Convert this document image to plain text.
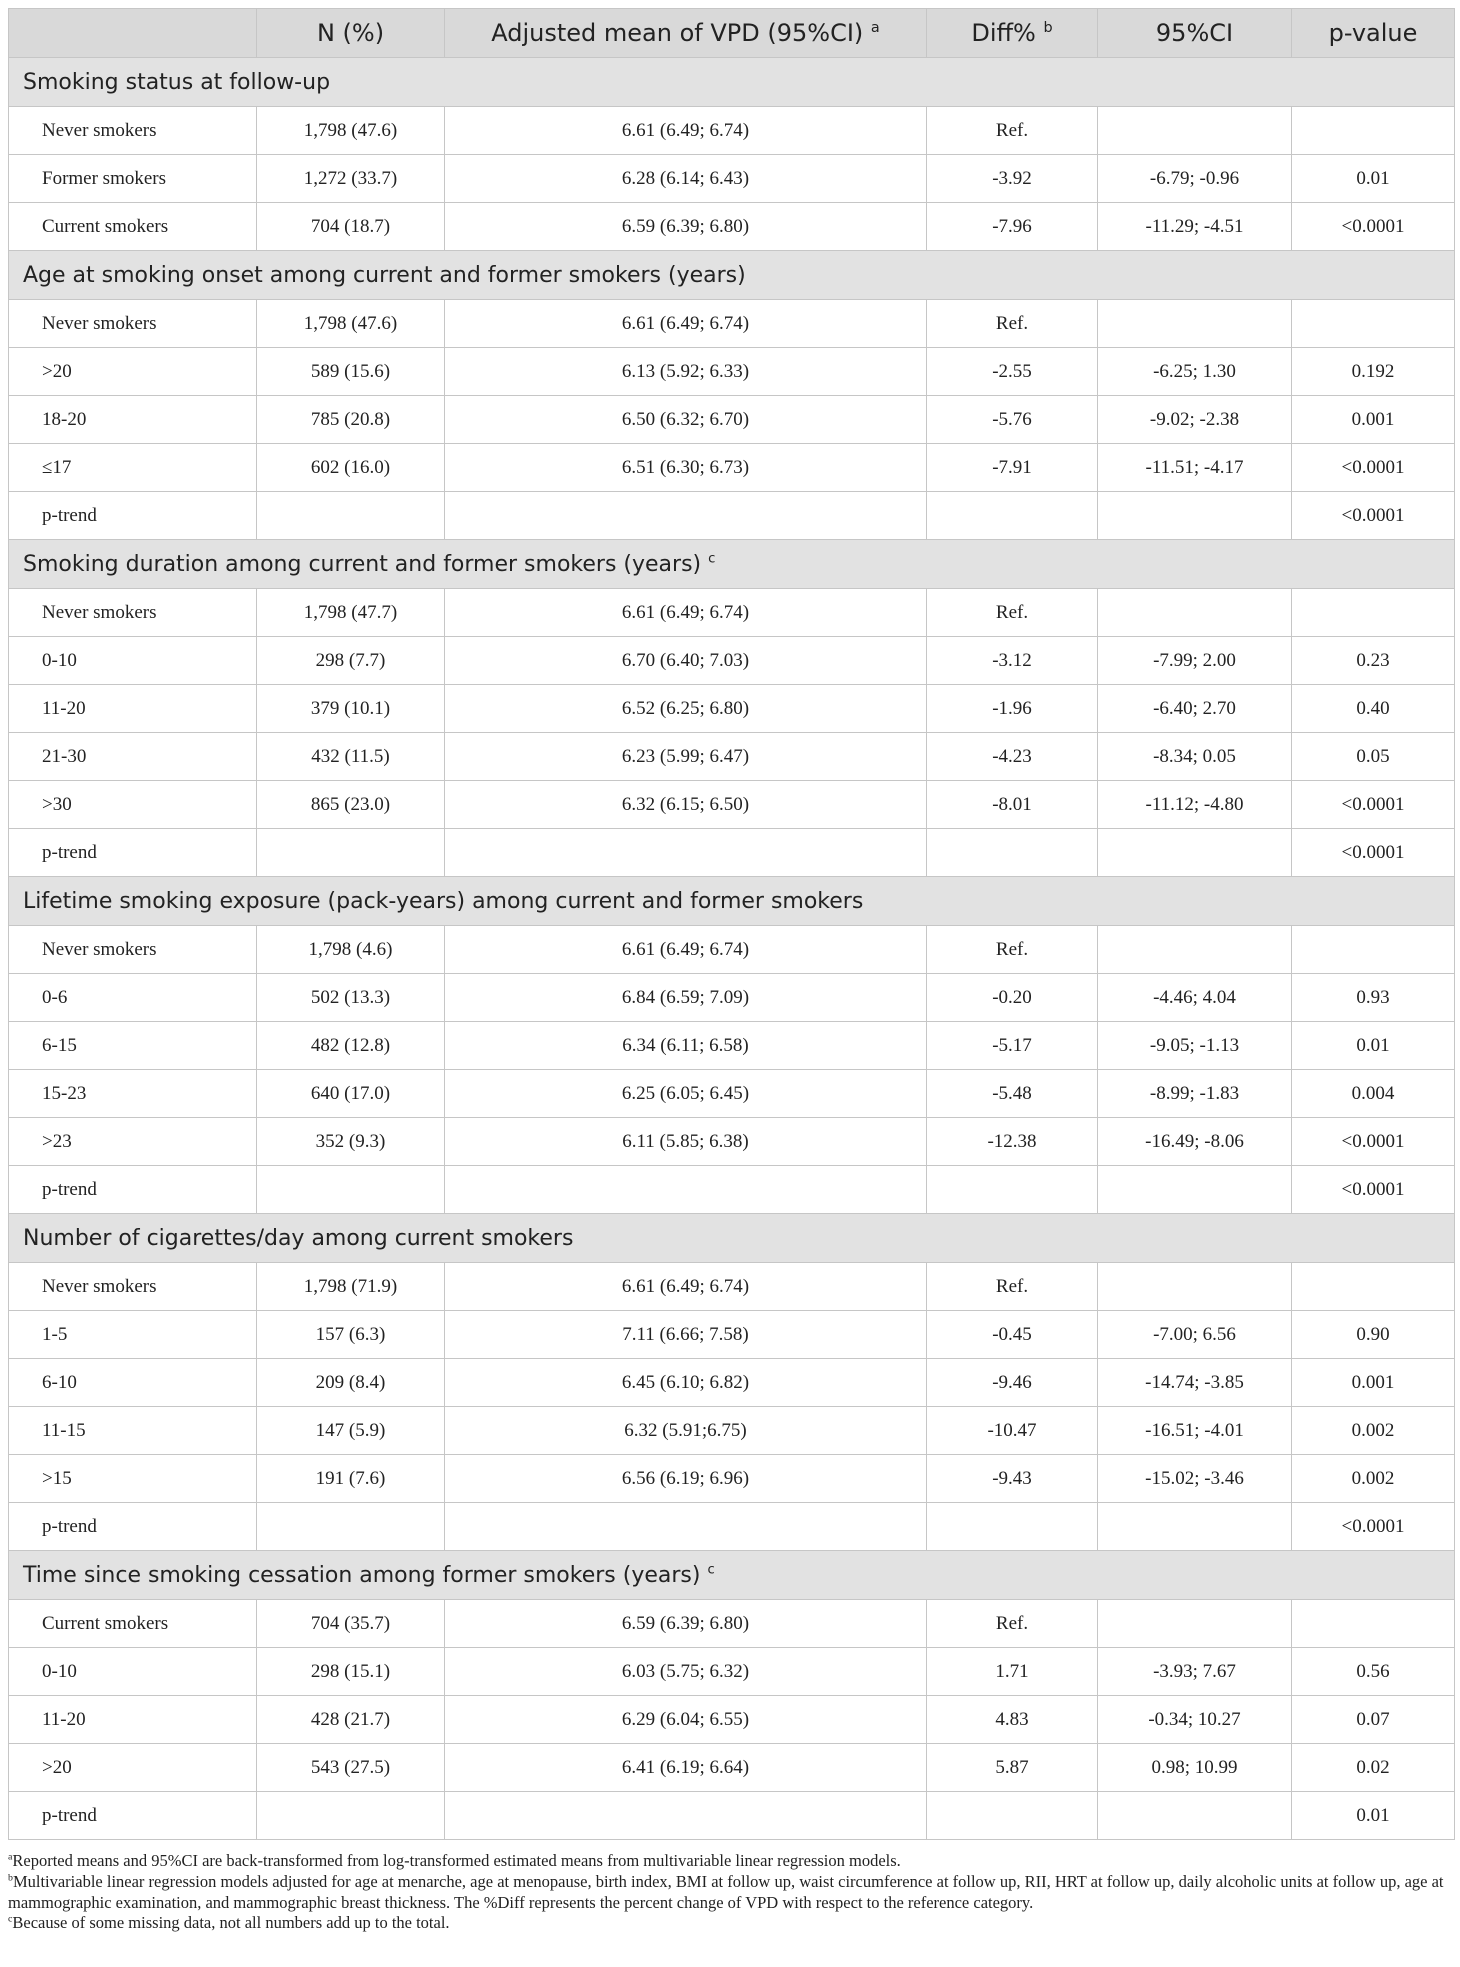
	N (%)	Adjusted mean of VPD (95%CI) $^a$	Diff% $^b$	95%CI	p-value
Smoking status at follow-up					
Never smokers	1,798 (47.6)	6.61 (6.49; 6.74)	Ref.		
Former smokers	1,272 (33.7)	6.28 (6.14; 6.43)	-3.92	-6.79; -0.96	0.01
Current smokers	704 (18.7)	6.59 (6.39; 6.80)	-7.96	-11.29; -4.51	<0.0001
Age at smoking onset among current and former smokers (years)					
Never smokers	1,798 (47.6)	6.61 (6.49; 6.74)	Ref.		
>20	589 (15.6)	6.13 (5.92; 6.33)	-2.55	-6.25; 1.30	0.192
18-20	785 (20.8)	6.50 (6.32; 6.70)	-5.76	-9.02; -2.38	0.001
≤17	602 (16.0)	6.51 (6.30; 6.73)	-7.91	-11.51; -4.17	<0.0001
p-trend					<0.0001
Smoking duration among current and former smokers (years) $^c$
Never smokers	1,798 (47.7)	6.61 (6.49; 6.74)	Ref.		
0-10	298 (7.7)	6.70 (6.40; 7.03)	-3.12	-7.99; 2.00	0.23
11-20	379 (10.1)	6.52 (6.25; 6.80)	-1.96	-6.40; 2.70	0.40
21-30	432 (11.5)	6.23 (5.99; 6.47)	-4.23	-8.34; 0.05	0.05
>30	865 (23.0)	6.32 (6.15; 6.50)	-8.01	-11.12; -4.80	<0.0001
p-trend					<0.0001
Lifetime smoking exposure (pack-years) among current and former smokers					
Never smokers	1,798 (4.6)	6.61 (6.49; 6.74)	Ref.		
0-6	502 (13.3)	6.84 (6.59; 7.09)	-0.20	-4.46; 4.04	0.93
6-15	482 (12.8)	6.34 (6.11; 6.58)	-5.17	-9.05; -1.13	0.01
15-23	640 (17.0)	6.25 (6.05; 6.45)	-5.48	-8.99; -1.83	0.004
>23	352 (9.3)	6.11 (5.85; 6.38)	-12.38	-16.49; -8.06	<0.0001
p-trend					<0.0001
Number of cigarettes/day among current smokers					
Never smokers	1,798 (71.9)	6.61 (6.49; 6.74)	Ref.		
1-5	157 (6.3)	7.11 (6.66; 7.58)	-0.45	-7.00; 6.56	0.90
6-10	209 (8.4)	6.45 (6.10; 6.82)	-9.46	-14.74; -3.85	0.001
11-15	147 (5.9)	6.32 (5.91;6.75)	-10.47	-16.51; -4.01	0.002
>15	191 (7.6)	6.56 (6.19; 6.96)	-9.43	-15.02; -3.46	0.002
p-trend					<0.0001
Time since smoking cessation among former smokers (years) $^c$
Current smokers	704 (35.7)	6.59 (6.39; 6.80)	Ref.		
0-10	298 (15.1)	6.03 (5.75; 6.32)	1.71	-3.93; 7.67	0.56
11-20	428 (21.7)	6.29 (6.04; 6.55)	4.83	-0.34; 10.27	0.07
>20	543 (27.5)	6.41 (6.19; 6.64)	5.87	0.98; 10.99	0.02
p-trend					0.01

$^a$Reported means and 95%CI are back-transformed from log-transformed estimated means from multivariable linear regression models.

$^b$Multivariable linear regression models adjusted for age at menarche, age at menopause, birth index, BMI at follow up, waist circumference at follow up, RII, HRT at follow up, daily alcoholic units at follow up, age at mammographic examination, and mammographic breast thickness. The %Diff represents the percent change of VPD with respect to the reference category.

$^c$Because of some missing data, not all numbers add up to the total.
